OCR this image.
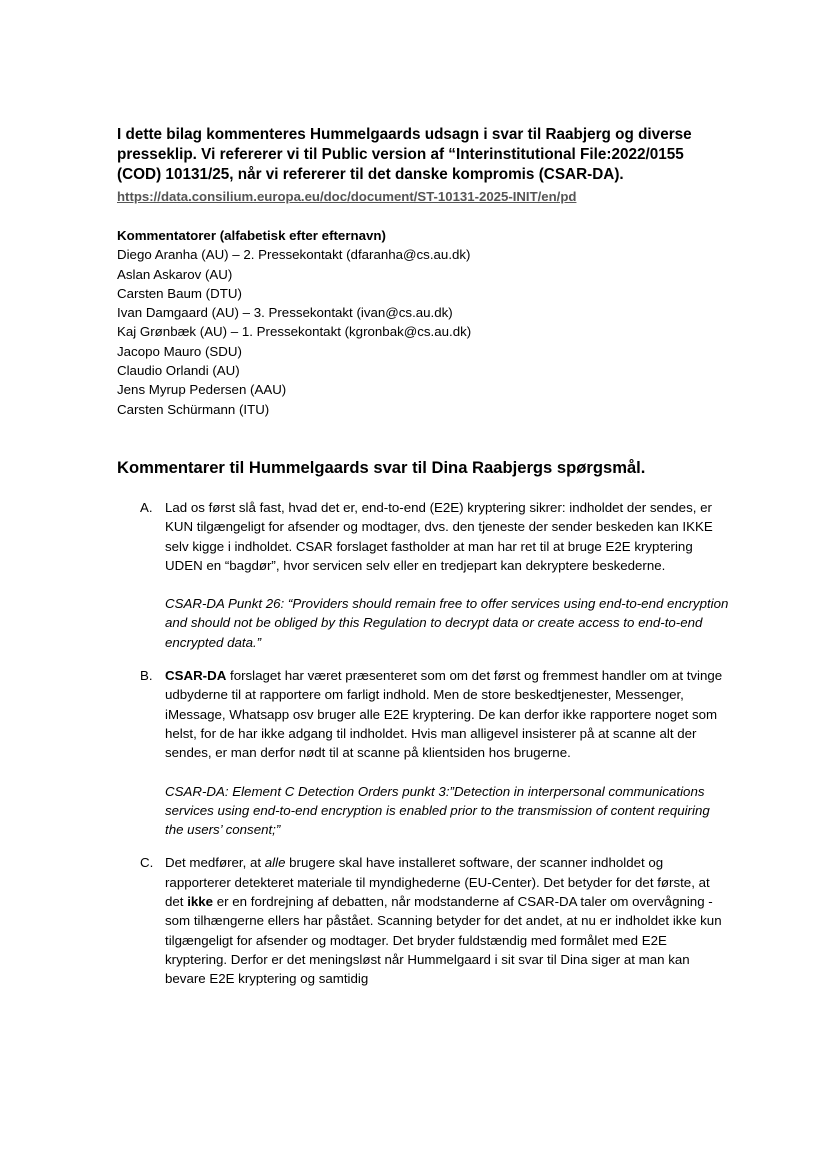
I dette bilag kommenteres Hummelgaards udsagn i svar til Raabjerg og diverse presseklip. Vi refererer vi til Public version af “Interinstitutional File:2022/0155 (COD) 10131/25, når vi refererer til det danske kompromis (CSAR-DA).
https://data.consilium.europa.eu/doc/document/ST-10131-2025-INIT/en/pd
Kommentatorer (alfabetisk efter efternavn)
Diego Aranha (AU) – 2. Pressekontakt (dfaranha@cs.au.dk)
Aslan Askarov (AU)
Carsten Baum (DTU)
Ivan Damgaard (AU) – 3. Pressekontakt (ivan@cs.au.dk)
Kaj Grønbæk (AU) – 1. Pressekontakt (kgronbak@cs.au.dk)
Jacopo Mauro (SDU)
Claudio Orlandi (AU)
Jens Myrup Pedersen (AAU)
Carsten Schürmann (ITU)
Kommentarer til Hummelgaards svar til Dina Raabjergs spørgsmål.
A. Lad os først slå fast, hvad det er, end-to-end (E2E) kryptering sikrer: indholdet der sendes, er KUN tilgængeligt for afsender og modtager, dvs. den tjeneste der sender beskeden kan IKKE selv kigge i indholdet. CSAR forslaget fastholder at man har ret til at bruge E2E kryptering UDEN en “bagdør”, hvor servicen selv eller en tredjepart kan dekryptere beskederne.

CSAR-DA Punkt 26: “Providers should remain free to offer services using end-to-end encryption and should not be obliged by this Regulation to decrypt data or create access to end-to-end encrypted data.”

B. CSAR-DA forslaget har været præsenteret som om det først og fremmest handler om at tvinge udbyderne til at rapportere om farligt indhold. Men de store beskedtjenester, Messenger, iMessage, Whatsapp osv bruger alle E2E kryptering. De kan derfor ikke rapportere noget som helst, for de har ikke adgang til indholdet. Hvis man alligevel insisterer på at scanne alt der sendes, er man derfor nødt til at scanne på klientsiden hos brugerne.

CSAR-DA: Element C Detection Orders punkt 3:”Detection in interpersonal communications services using end-to-end encryption is enabled prior to the transmission of content requiring the users’ consent;”

C. Det medfører, at alle brugere skal have installeret software, der scanner indholdet og rapporterer detekteret materiale til myndighederne (EU-Center). Det betyder for det første, at det ikke er en fordrejning af debatten, når modstanderne af CSAR-DA taler om overvågning - som tilhængerne ellers har påstået. Scanning betyder for det andet, at nu er indholdet ikke kun tilgængeligt for afsender og modtager. Det bryder fuldstændig med formålet med E2E kryptering. Derfor er det meningsløst når Hummelgaard i sit svar til Dina siger at man kan bevare E2E kryptering og samtidig
